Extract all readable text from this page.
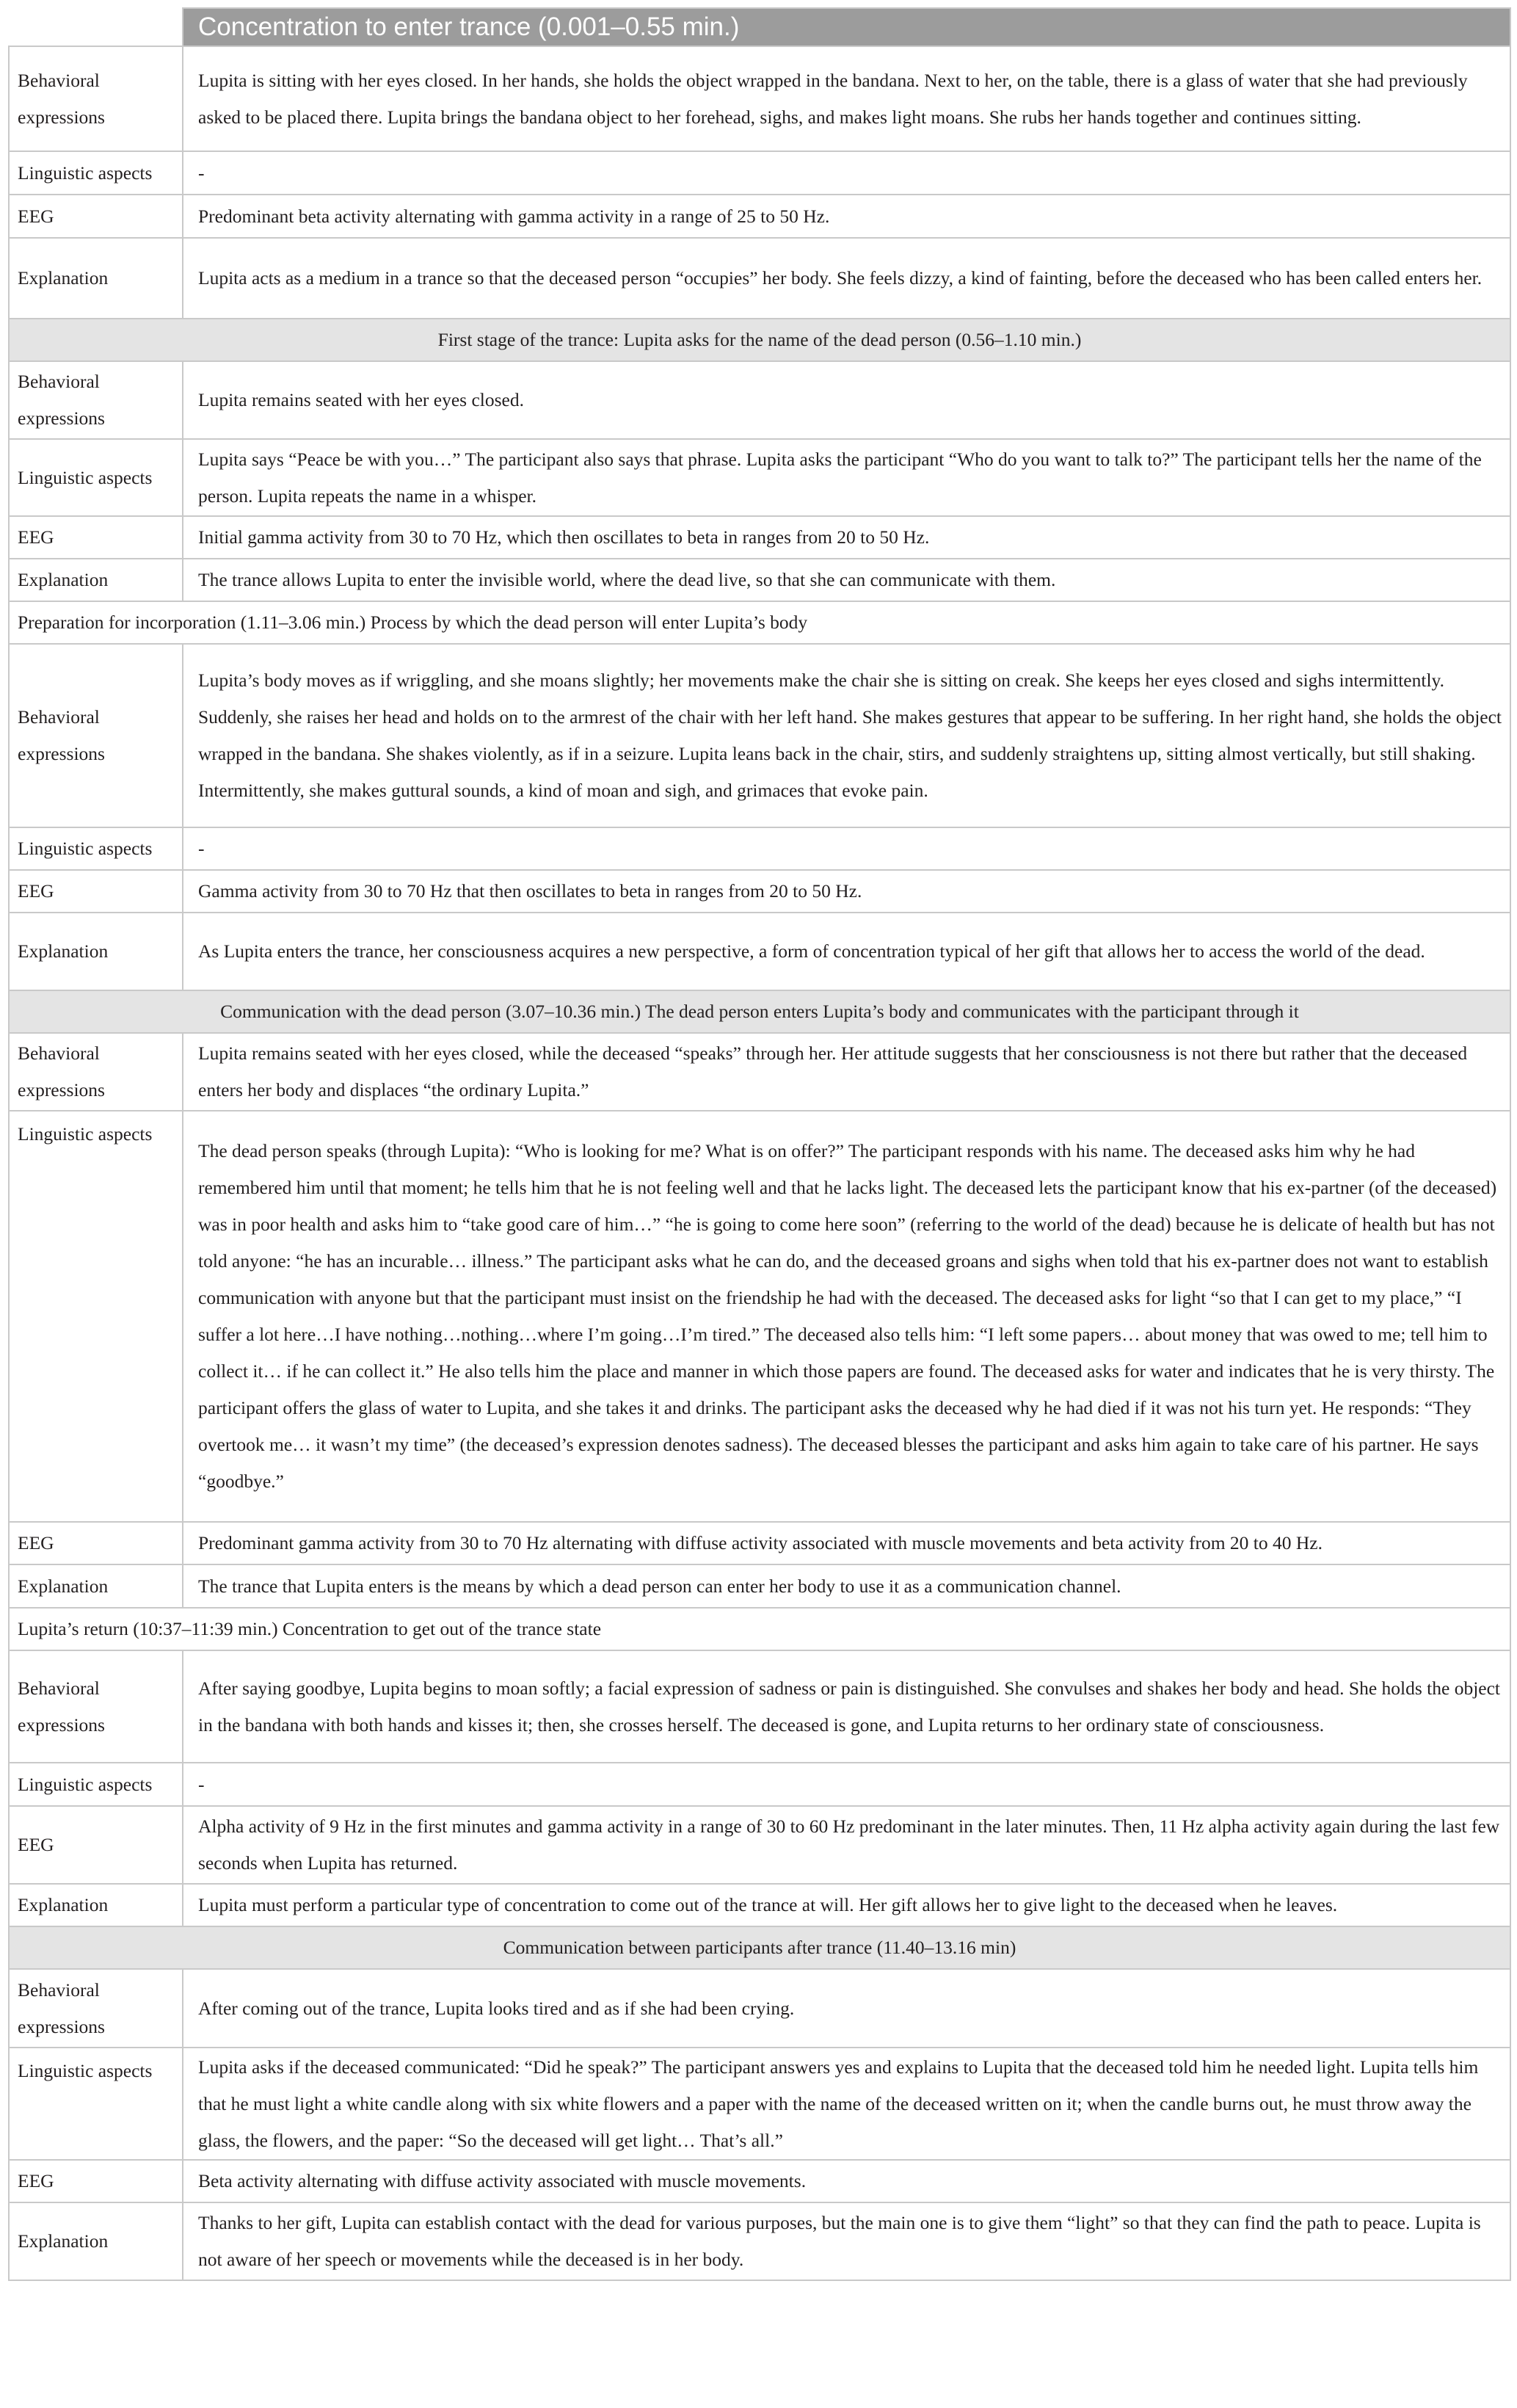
	Concentration to enter trance (0.001–0.55 min.)
Behavioral expressions	Lupita is sitting with her eyes closed. In her hands, she holds the object wrapped in the bandana. Next to her, on the table, there is a glass of water that she had previously asked to be placed there. Lupita brings the bandana object to her forehead, sighs, and makes light moans. She rubs her hands together and continues sitting.
Linguistic aspects	-
EEG	Predominant beta activity alternating with gamma activity in a range of 25 to 50 Hz.
Explanation	Lupita acts as a medium in a trance so that the deceased person “occupies” her body. She feels dizzy, a kind of fainting, before the deceased who has been called enters her.
First stage of the trance: Lupita asks for the name of the dead person (0.56–1.10 min.)	
Behavioral expressions	Lupita remains seated with her eyes closed.
Linguistic aspects	Lupita says “Peace be with you…” The participant also says that phrase. Lupita asks the participant “Who do you want to talk to?” The participant tells her the name of the person. Lupita repeats the name in a whisper.
EEG	Initial gamma activity from 30 to 70 Hz, which then oscillates to beta in ranges from 20 to 50 Hz.
Explanation	The trance allows Lupita to enter the invisible world, where the dead live, so that she can communicate with them.
Preparation for incorporation (1.11–3.06 min.) Process by which the dead person will enter Lupita’s body	
Behavioral expressions	Lupita’s body moves as if wriggling, and she moans slightly; her movements make the chair she is sitting on creak. She keeps her eyes closed and sighs intermittently. Suddenly, she raises her head and holds on to the armrest of the chair with her left hand. She makes gestures that appear to be suffering. In her right hand, she holds the object wrapped in the bandana. She shakes violently, as if in a seizure. Lupita leans back in the chair, stirs, and suddenly straightens up, sitting almost vertically, but still shaking. Intermittently, she makes guttural sounds, a kind of moan and sigh, and grimaces that evoke pain.
Linguistic aspects	-
EEG	Gamma activity from 30 to 70 Hz that then oscillates to beta in ranges from 20 to 50 Hz.
Explanation	As Lupita enters the trance, her consciousness acquires a new perspective, a form of concentration typical of her gift that allows her to access the world of the dead.
Communication with the dead person (3.07–10.36 min.) The dead person enters Lupita’s body and communicates with the participant through it	
Behavioral expressions	Lupita remains seated with her eyes closed, while the deceased “speaks” through her. Her attitude suggests that her consciousness is not there but rather that the deceased enters her body and displaces “the ordinary Lupita.”
Linguistic aspects	The dead person speaks (through Lupita): “Who is looking for me? What is on offer?” The participant responds with his name. The deceased asks him why he had remembered him until that moment; he tells him that he is not feeling well and that he lacks light. The deceased lets the participant know that his ex-partner (of the deceased) was in poor health and asks him to “take good care of him…” “he is going to come here soon” (referring to the world of the dead) because he is delicate of health but has not told anyone: “he has an incurable… illness.” The participant asks what he can do, and the deceased groans and sighs when told that his ex-partner does not want to establish communication with anyone but that the participant must insist on the friendship he had with the deceased. The deceased asks for light “so that I can get to my place,” “I suffer a lot here…I have nothing…nothing…where I’m going…I’m tired.” The deceased also tells him: “I left some papers… about money that was owed to me; tell him to collect it… if he can collect it.” He also tells him the place and manner in which those papers are found. The deceased asks for water and indicates that he is very thirsty. The participant offers the glass of water to Lupita, and she takes it and drinks. The participant asks the deceased why he had died if it was not his turn yet. He responds: “They overtook me… it wasn’t my time” (the deceased’s expression denotes sadness). The deceased blesses the participant and asks him again to take care of his partner. He says “goodbye.”
EEG	Predominant gamma activity from 30 to 70 Hz alternating with diffuse activity associated with muscle movements and beta activity from 20 to 40 Hz.
Explanation	The trance that Lupita enters is the means by which a dead person can enter her body to use it as a communication channel.
Lupita’s return (10:37–11:39 min.) Concentration to get out of the trance state	
Behavioral expressions	After saying goodbye, Lupita begins to moan softly; a facial expression of sadness or pain is distinguished. She convulses and shakes her body and head. She holds the object in the bandana with both hands and kisses it; then, she crosses herself. The deceased is gone, and Lupita returns to her ordinary state of consciousness.
Linguistic aspects	-
EEG	Alpha activity of 9 Hz in the first minutes and gamma activity in a range of 30 to 60 Hz predominant in the later minutes. Then, 11 Hz alpha activity again during the last few seconds when Lupita has returned.
Explanation	Lupita must perform a particular type of concentration to come out of the trance at will. Her gift allows her to give light to the deceased when he leaves.
Communication between participants after trance (11.40–13.16 min)	
Behavioral expressions	After coming out of the trance, Lupita looks tired and as if she had been crying.
Linguistic aspects	Lupita asks if the deceased communicated: “Did he speak?” The participant answers yes and explains to Lupita that the deceased told him he needed light. Lupita tells him that he must light a white candle along with six white flowers and a paper with the name of the deceased written on it; when the candle burns out, he must throw away the glass, the flowers, and the paper: “So the deceased will get light… That’s all.”
EEG	Beta activity alternating with diffuse activity associated with muscle movements.
Explanation	Thanks to her gift, Lupita can establish contact with the dead for various purposes, but the main one is to give them “light” so that they can find the path to peace. Lupita is not aware of her speech or movements while the deceased is in her body.
